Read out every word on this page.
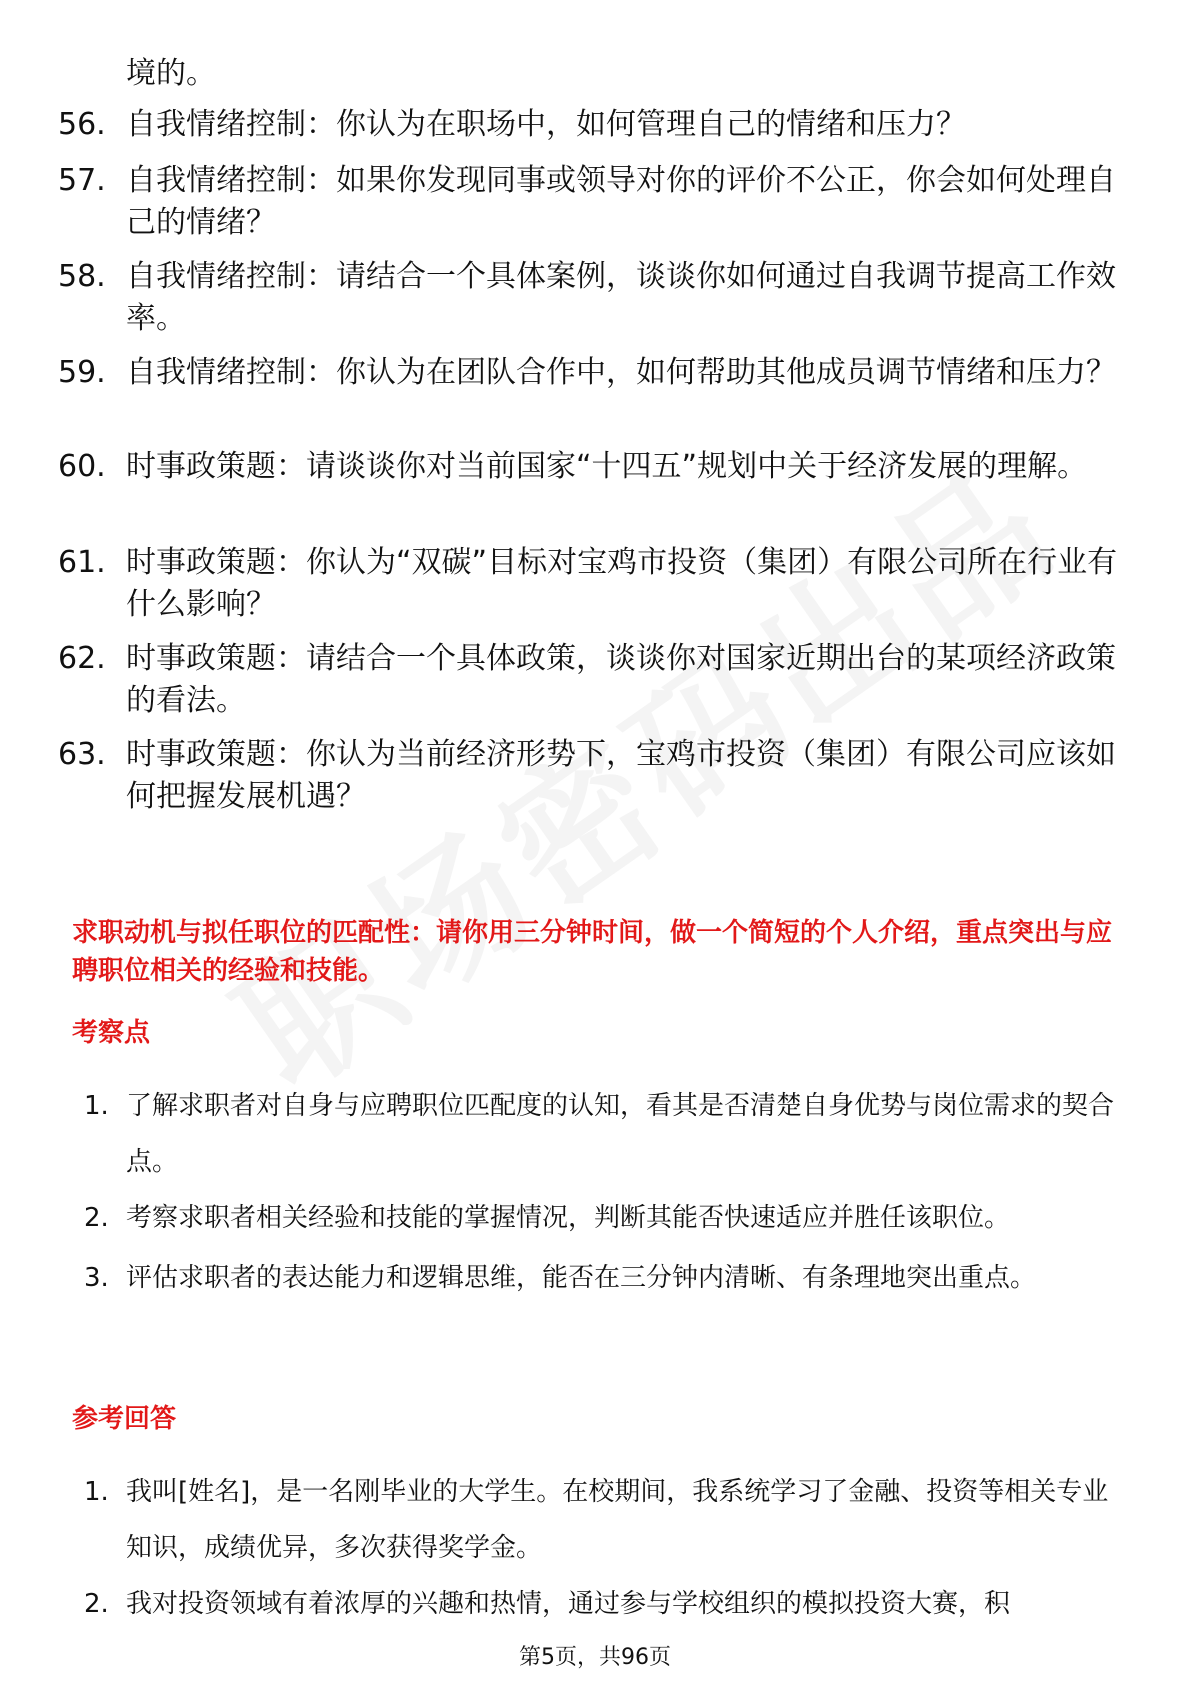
境的。
56. 自我情绪控制：你认为在职场中，如何管理自己的情绪和压力？
57. 自我情绪控制：如果你发现同事或领导对你的评价不公正，你会如何处理自己的情绪？
58. 自我情绪控制：请结合一个具体案例，谈谈你如何通过自我调节提高工作效率。
59. 自我情绪控制：你认为在团队合作中，如何帮助其他成员调节情绪和压力？
60. 时事政策题：请谈谈你对当前国家“十四五”规划中关于经济发展的理解。
61. 时事政策题：你认为“双碳”目标对宝鸡市投资（集团）有限公司所在行业有什么影响？
62. 时事政策题：请结合一个具体政策，谈谈你对国家近期出台的某项经济政策的看法。
63. 时事政策题：你认为当前经济形势下，宝鸡市投资（集团）有限公司应该如何把握发展机遇？
求职动机与拟任职位的匹配性：请你用三分钟时间，做一个简短的个人介绍，重点突出与应聘职位相关的经验和技能。
考察点
1. 了解求职者对自身与应聘职位匹配度的认知，看其是否清楚自身优势与岗位需求的契合点。
2. 考察求职者相关经验和技能的掌握情况，判断其能否快速适应并胜任该职位。
3. 评估求职者的表达能力和逻辑思维，能否在三分钟内清晰、有条理地突出重点。
参考回答
1. 我叫[姓名]，是一名刚毕业的大学生。在校期间，我系统学习了金融、投资等相关专业知识，成绩优异，多次获得奖学金。
2. 我对投资领域有着浓厚的兴趣和热情，通过参与学校组织的模拟投资大赛，积
第5页，共96页
